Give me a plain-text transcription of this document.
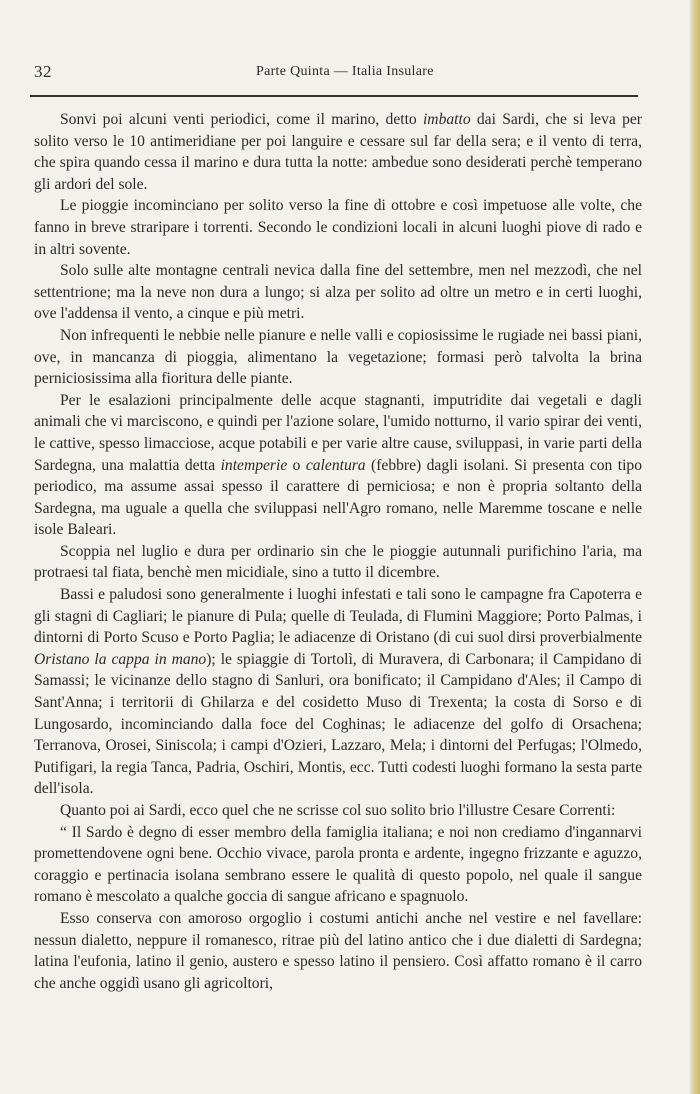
32	Parte Quinta — Italia Insulare

Sonvi poi alcuni venti periodici, come il marino, detto imbatto dai Sardi, che si leva per solito verso le 10 antimeridiane per poi languire e cessare sul far della sera; e il vento di terra, che spira quando cessa il marino e dura tutta la notte: ambedue sono desiderati perchè temperano gli ardori del sole.

Le pioggie incominciano per solito verso la fine di ottobre e così impetuose alle volte, che fanno in breve straripare i torrenti. Secondo le condizioni locali in alcuni luoghi piove di rado e in altri sovente.

Solo sulle alte montagne centrali nevica dalla fine del settembre, men nel mezzodì, che nel settentrione; ma la neve non dura a lungo; si alza per solito ad oltre un metro e in certi luoghi, ove l'addensa il vento, a cinque e più metri.

Non infrequenti le nebbie nelle pianure e nelle valli e copiosissime le rugiade nei bassi piani, ove, in mancanza di pioggia, alimentano la vegetazione; formasi però talvolta la brina perniciosissima alla fioritura delle piante.

Per le esalazioni principalmente delle acque stagnanti, imputridite dai vegetali e dagli animali che vi marciscono, e quindi per l'azione solare, l'umido notturno, il vario spirar dei venti, le cattive, spesso limacciose, acque potabili e per varie altre cause, sviluppasi, in varie parti della Sardegna, una malattia detta intemperie o calentura (febbre) dagli isolani. Si presenta con tipo periodico, ma assume assai spesso il carattere di perniciosa; e non è propria soltanto della Sardegna, ma uguale a quella che sviluppasi nell'Agro romano, nelle Maremme toscane e nelle isole Baleari.

Scoppia nel luglio e dura per ordinario sin che le pioggie autunnali purifichino l'aria, ma protraesi tal fiata, benchè men micidiale, sino a tutto il dicembre.

Bassi e paludosi sono generalmente i luoghi infestati e tali sono le campagne fra Capoterra e gli stagni di Cagliari; le pianure di Pula; quelle di Teulada, di Flumini Maggiore; Porto Palmas, i dintorni di Porto Scuso e Porto Paglia; le adiacenze di Oristano (di cui suol dirsi proverbialmente Oristano la cappa in mano); le spiaggie di Tortolì, di Muravera, di Carbonara; il Campidano di Samassi; le vicinanze dello stagno di Sanluri, ora bonificato; il Campidano d'Ales; il Campo di Sant'Anna; i territorii di Ghilarza e del cosidetto Muso di Trexenta; la costa di Sorso e di Lungosardo, incominciando dalla foce del Coghinas; le adiacenze del golfo di Orsachena; Terranova, Orosei, Siniscola; i campi d'Ozieri, Lazzaro, Mela; i dintorni del Perfugas; l'Olmedo, Putifigari, la regia Tanca, Padria, Oschiri, Montis, ecc. Tutti codesti luoghi formano la sesta parte dell'isola.

Quanto poi ai Sardi, ecco quel che ne scrisse col suo solito brio l'illustre Cesare Correnti:

“ Il Sardo è degno di esser membro della famiglia italiana; e noi non crediamo d'ingannarvi promettendovene ogni bene. Occhio vivace, parola pronta e ardente, ingegno frizzante e aguzzo, coraggio e pertinacia isolana sembrano essere le qualità di questo popolo, nel quale il sangue romano è mescolato a qualche goccia di sangue africano e spagnuolo.

Esso conserva con amoroso orgoglio i costumi antichi anche nel vestire e nel favellare: nessun dialetto, neppure il romanesco, ritrae più del latino antico che i due dialetti di Sardegna; latina l'eufonia, latino il genio, austero e spesso latino il pensiero. Così affatto romano è il carro che anche oggidì usano gli agricoltori,
